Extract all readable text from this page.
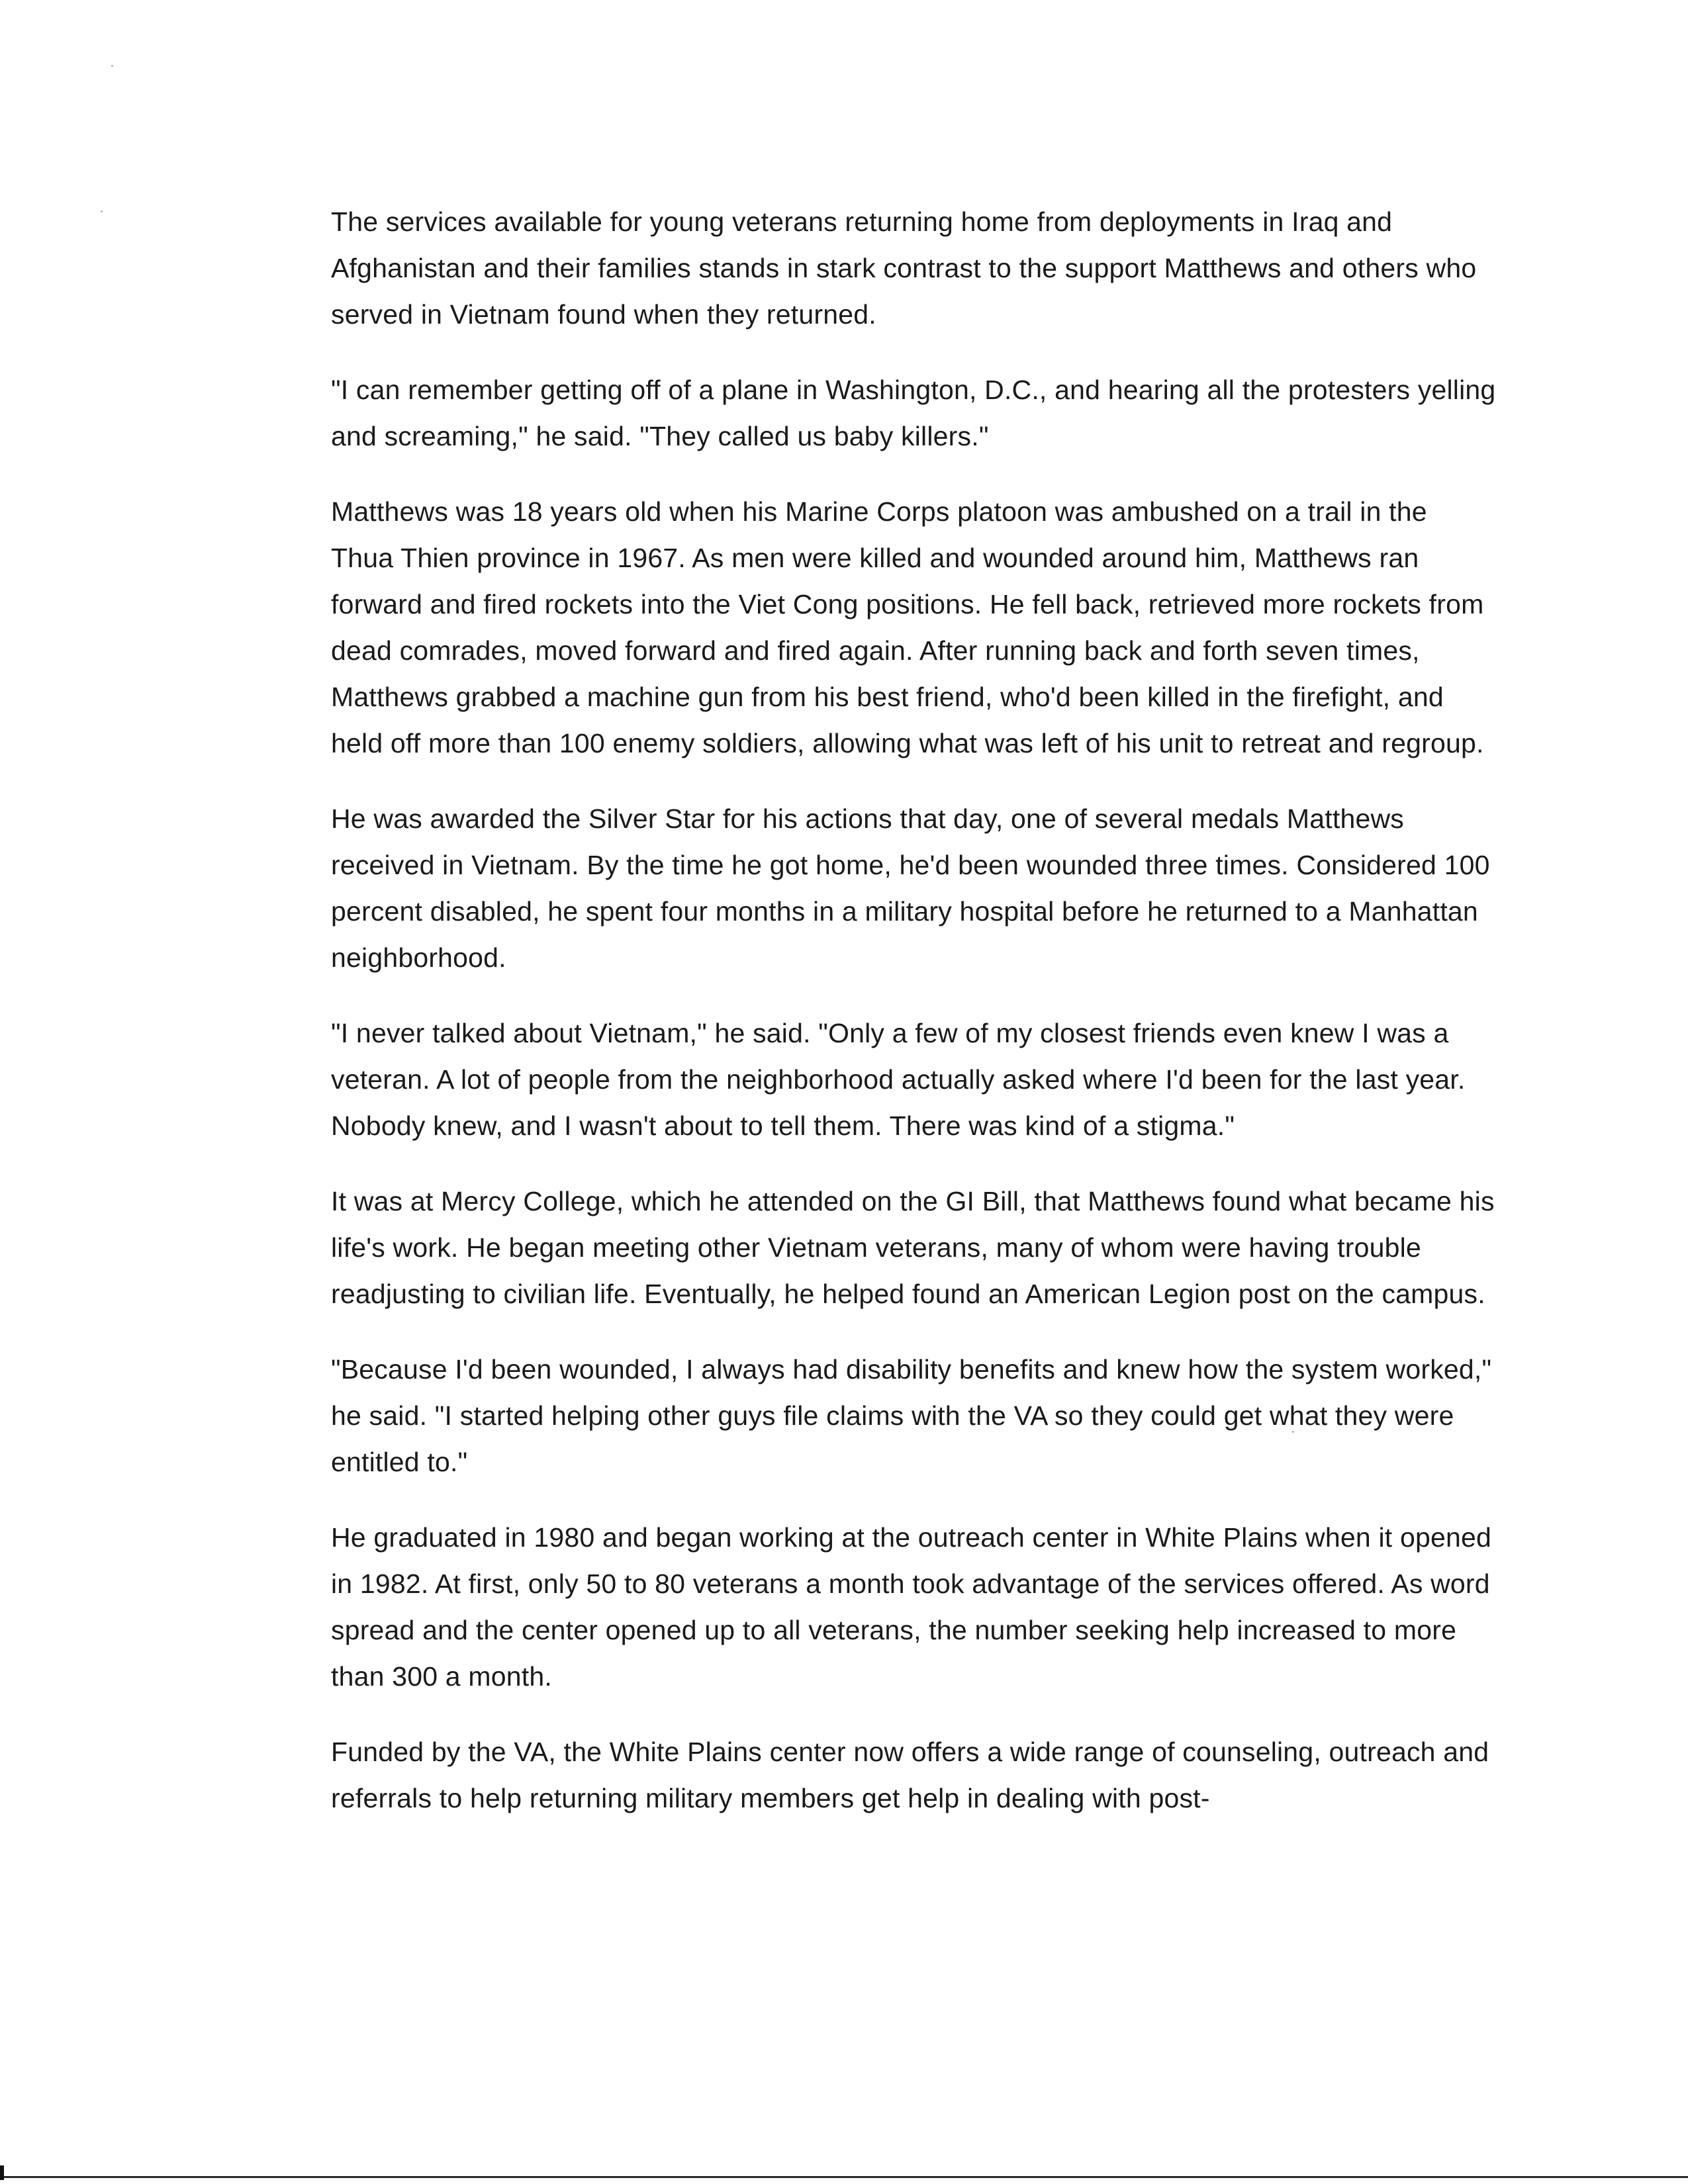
The services available for young veterans returning home from deployments in Iraq and Afghanistan and their families stands in stark contrast to the support Matthews and others who served in Vietnam found when they returned.

"I can remember getting off of a plane in Washington, D.C., and hearing all the protesters yelling and screaming," he said. "They called us baby killers."

Matthews was 18 years old when his Marine Corps platoon was ambushed on a trail in the Thua Thien province in 1967. As men were killed and wounded around him, Matthews ran forward and fired rockets into the Viet Cong positions. He fell back, retrieved more rockets from dead comrades, moved forward and fired again. After running back and forth seven times, Matthews grabbed a machine gun from his best friend, who'd been killed in the firefight, and held off more than 100 enemy soldiers, allowing what was left of his unit to retreat and regroup.

He was awarded the Silver Star for his actions that day, one of several medals Matthews received in Vietnam. By the time he got home, he'd been wounded three times. Considered 100 percent disabled, he spent four months in a military hospital before he returned to a Manhattan neighborhood.

"I never talked about Vietnam," he said. "Only a few of my closest friends even knew I was a veteran. A lot of people from the neighborhood actually asked where I'd been for the last year. Nobody knew, and I wasn't about to tell them. There was kind of a stigma."

It was at Mercy College, which he attended on the GI Bill, that Matthews found what became his life's work. He began meeting other Vietnam veterans, many of whom were having trouble readjusting to civilian life. Eventually, he helped found an American Legion post on the campus.

"Because I'd been wounded, I always had disability benefits and knew how the system worked," he said. "I started helping other guys file claims with the VA so they could get what they were entitled to."

He graduated in 1980 and began working at the outreach center in White Plains when it opened in 1982. At first, only 50 to 80 veterans a month took advantage of the services offered. As word spread and the center opened up to all veterans, the number seeking help increased to more than 300 a month.

Funded by the VA, the White Plains center now offers a wide range of counseling, outreach and referrals to help returning military members get help in dealing with post-
